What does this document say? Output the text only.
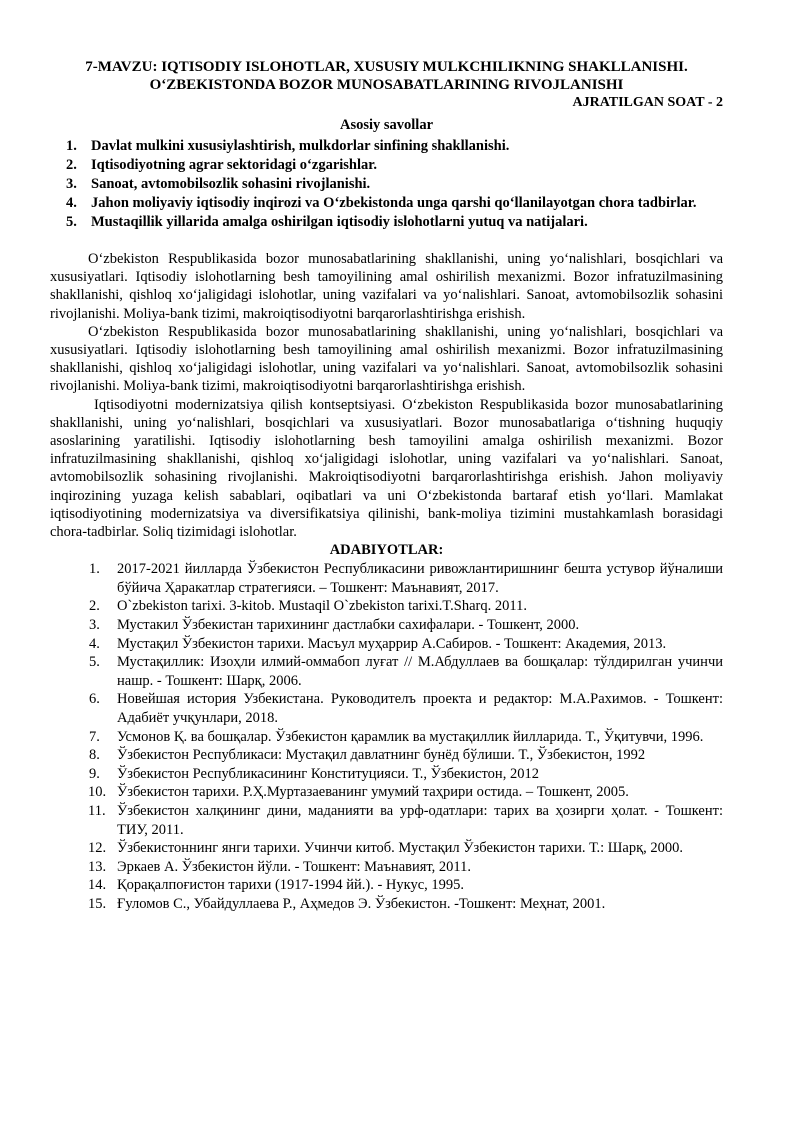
7-MAVZU: IQTISODIY ISLOHOTLAR, XUSUSIY MULKCHILIKNING SHAKLLANISHI.

O‘ZBEKISTONDA BOZOR MUNOSABATLARINING RIVOJLANISHI

AJRATILGAN SOAT - 2

Asosiy savollar

1. Davlat mulkini xususiylashtirish, mulkdorlar sinfining shakllanishi.
2. Iqtisodiyotning agrar sektoridagi o‘zgarishlar.
3. Sanoat, avtomobilsozlik sohasini rivojlanishi.
4. Jahon moliyaviy iqtisodiy inqirozi va O‘zbekistonda unga qarshi qo‘llanilayotgan chora tadbirlar.
5. Mustaqillik yillarida amalga oshirilgan iqtisodiy islohotlarni yutuq va natijalari.

O‘zbekiston Respublikasida bozor munosabatlarining shakllanishi, uning yo‘nalishlari, bosqichlari va xususiyatlari. Iqtisodiy islohotlarning besh tamoyilining amal oshirilish mexanizmi. Bozor infratuzilmasining shakllanishi, qishloq xo‘jaligidagi islohotlar, uning vazifalari va yo‘nalishlari. Sanoat, avtomobilsozlik sohasini rivojlanishi. Moliya-bank tizimi, makroiqtisodiyotni barqarorlashtirishga erishish.

O‘zbekiston Respublikasida bozor munosabatlarining shakllanishi, uning yo‘nalishlari, bosqichlari va xususiyatlari. Iqtisodiy islohotlarning besh tamoyilining amal oshirilish mexanizmi. Bozor infratuzilmasining shakllanishi, qishloq xo‘jaligidagi islohotlar, uning vazifalari va yo‘nalishlari. Sanoat, avtomobilsozlik sohasini rivojlanishi. Moliya-bank tizimi, makroiqtisodiyotni barqarorlashtirishga erishish.

Iqtisodiyotni modernizatsiya qilish kontseptsiyasi. O‘zbekiston Respublikasida bozor munosabatlarining shakllanishi, uning yo‘nalishlari, bosqichlari va xususiyatlari. Bozor munosabatlariga o‘tishning huquqiy asoslarining yaratilishi. Iqtisodiy islohotlarning besh tamoyilini amalga oshirilish mexanizmi. Bozor infratuzilmasining shakllanishi, qishloq xo‘jaligidagi islohotlar, uning vazifalari va yo‘nalishlari. Sanoat, avtomobilsozlik sohasining rivojlanishi. Makroiqtisodiyotni barqarorlashtirishga erishish. Jahon moliyaviy inqirozining yuzaga kelish sabablari, oqibatlari va uni O‘zbekistonda bartaraf etish yo‘llari. Mamlakat iqtisodiyotining modernizatsiya va diversifikatsiya qilinishi, bank-moliya tizimini mustahkamlash borasidagi chora-tadbirlar. Soliq tizimidagi islohotlar.

ADABIYOTLAR:

1. 2017-2021 йилларда Ўзбекистон Республикасини ривожлантиришнинг бешта устувор йўналиши бўйича Ҳаракатлар стратегияси. – Тошкент: Маънавият, 2017.
2. O`zbekiston tarixi. 3-kitob. Mustaqil O`zbekiston tarixi.T.Sharq. 2011.
3. Мустакил Ўзбекистан тарихининг дастлабки сахифалари. - Тошкент, 2000.
4. Мустақил Ўзбекистон тарихи. Масъул муҳаррир А.Сабиров. - Тошкент: Академия, 2013.
5. Мустақиллик: Изоҳли илмий-оммабоп луғат // М.Абдуллаев ва бошқалар: тўлдирилган учинчи нашр. - Тошкент: Шарқ, 2006.
6. Новейшая история Узбекистана. Руководителъ проекта и редактор: М.А.Рахимов. - Тошкент: Адабиёт учқунлари, 2018.
7. Усмонов Қ. ва бошқалар. Ўзбекистон қарамлик ва мустақиллик йилларида. Т., Ўқитувчи, 1996.
8. Ўзбекистон Республикаси: Мустақил давлатнинг бунёд бўлиши. Т., Ўзбекистон, 1992
9. Ўзбекистон Республикасининг Конституцияси. Т., Ўзбекистон, 2012
10. Ўзбекистон тарихи. Р.Ҳ.Муртазаеванинг умумий таҳрири остида. – Тошкент, 2005.
11. Ўзбекистон халқининг дини, маданияти ва урф-одатлари: тарих ва ҳозирги ҳолат. - Тошкент: ТИУ, 2011.
12. Ўзбекистоннинг янги тарихи. Учинчи китоб. Мустақил Ўзбекистон тарихи. Т.: Шарқ, 2000.
13. Эркаев А. Ўзбекистон йўли. - Тошкент: Маънавият, 2011.
14. Қорақалпоғистон тарихи (1917-1994 йй.). - Нукус, 1995.
15. Ғуломов С., Убайдуллаева Р., Аҳмедов Э. Ўзбекистон. -Тошкент: Меҳнат, 2001.
